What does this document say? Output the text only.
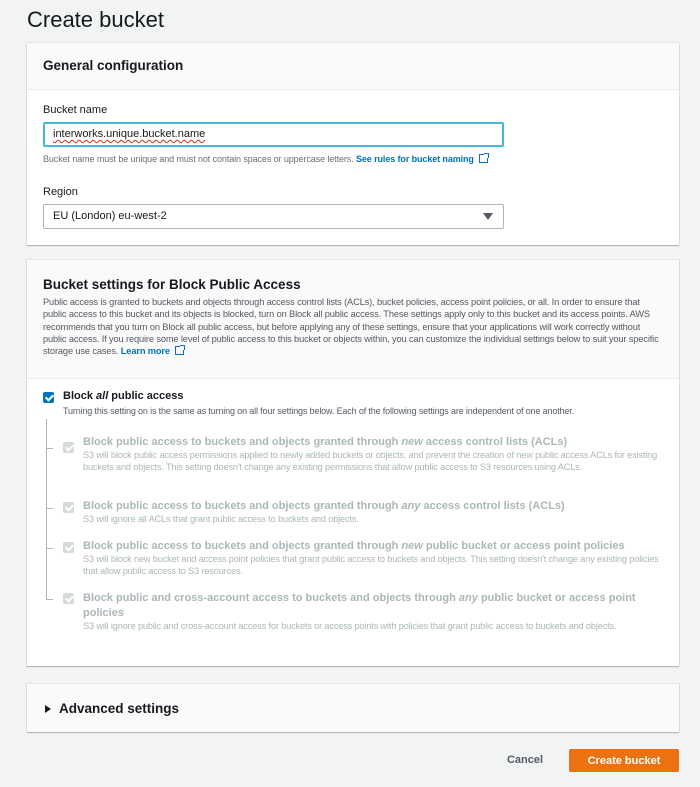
Create bucket
General configuration
Bucket name
interworks.unique.bucket.name
Bucket name must be unique and must not contain spaces or uppercase letters. See rules for bucket naming
Region
EU (London) eu-west-2
Bucket settings for Block Public Access
Public access is granted to buckets and objects through access control lists (ACLs), bucket policies, access point policies, or all. In order to ensure that public access to this bucket and its objects is blocked, turn on Block all public access. These settings apply only to this bucket and its access points. AWS recommends that you turn on Block all public access, but before applying any of these settings, ensure that your applications will work correctly without public access. If you require some level of public access to this bucket or objects within, you can customize the individual settings below to suit your specific storage use cases. Learn more
Block all public access
Turning this setting on is the same as turning on all four settings below. Each of the following settings are independent of one another.
Block public access to buckets and objects granted through new access control lists (ACLs)
S3 will block public access permissions applied to newly added buckets or objects, and prevent the creation of new public access ACLs for existing buckets and objects. This setting doesn't change any existing permissions that allow public access to S3 resources using ACLs.
Block public access to buckets and objects granted through any access control lists (ACLs)
S3 will ignore all ACLs that grant public access to buckets and objects.
Block public access to buckets and objects granted through new public bucket or access point policies
S3 will block new bucket and access point policies that grant public access to buckets and objects. This setting doesn't change any existing policies that allow public access to S3 resources.
Block public and cross-account access to buckets and objects through any public bucket or access point policies
S3 will ignore public and cross-account access for buckets or access points with policies that grant public access to buckets and objects.
Advanced settings
Cancel	Create bucket
